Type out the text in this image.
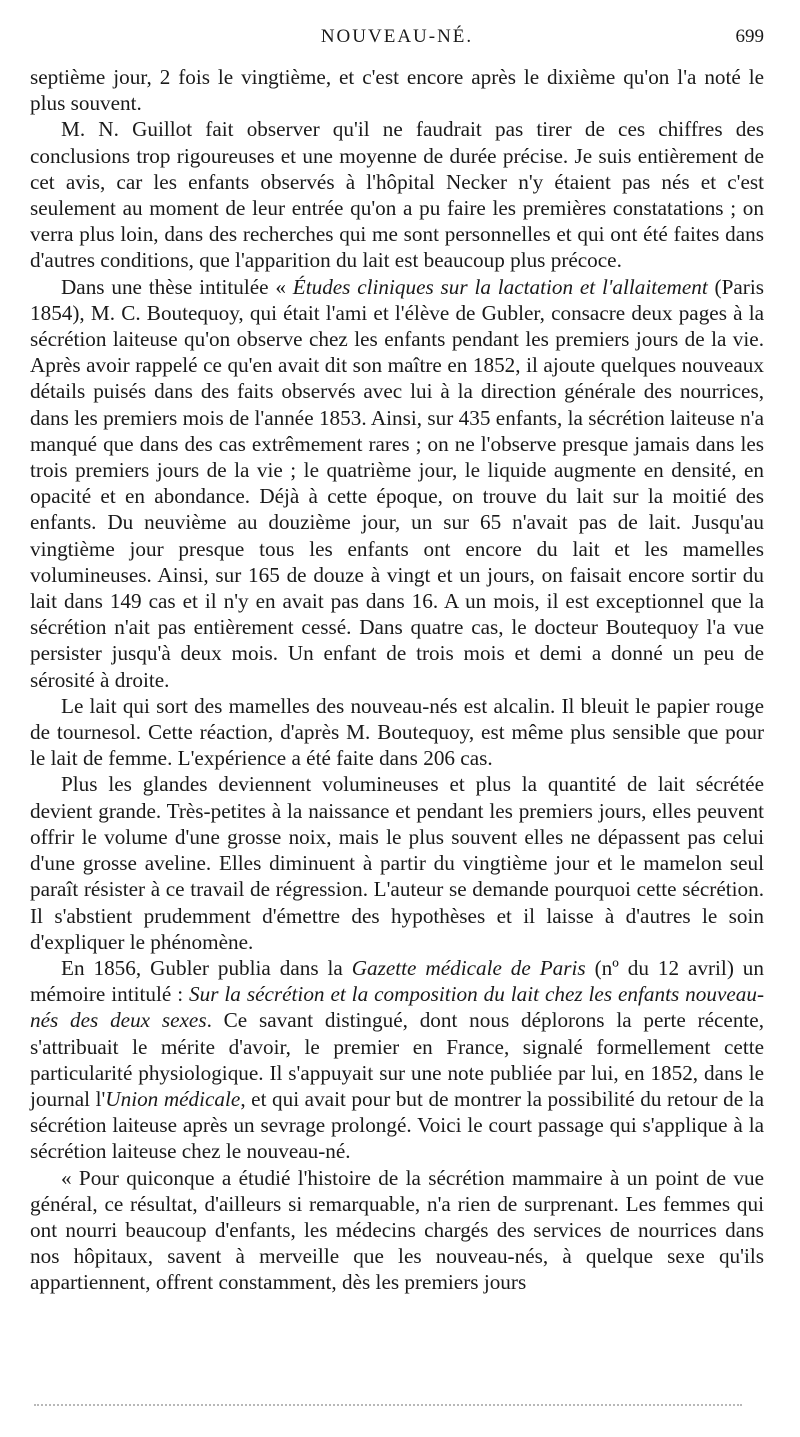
NOUVEAU-NÉ.	699

septième jour, 2 fois le vingtième, et c'est encore après le dixième qu'on l'a noté le plus souvent.

M. N. Guillot fait observer qu'il ne faudrait pas tirer de ces chiffres des conclusions trop rigoureuses et une moyenne de durée précise. Je suis entièrement de cet avis, car les enfants observés à l'hôpital Necker n'y étaient pas nés et c'est seulement au moment de leur entrée qu'on a pu faire les premières constatations ; on verra plus loin, dans des recherches qui me sont personnelles et qui ont été faites dans d'autres conditions, que l'apparition du lait est beaucoup plus précoce.

Dans une thèse intitulée « Études cliniques sur la lactation et l'allaitement (Paris 1854), M. C. Boutequoy, qui était l'ami et l'élève de Gubler, consacre deux pages à la sécrétion laiteuse qu'on observe chez les enfants pendant les premiers jours de la vie. Après avoir rappelé ce qu'en avait dit son maître en 1852, il ajoute quelques nouveaux détails puisés dans des faits observés avec lui à la direction générale des nourrices, dans les premiers mois de l'année 1853. Ainsi, sur 435 enfants, la sécrétion laiteuse n'a manqué que dans des cas extrêmement rares ; on ne l'observe presque jamais dans les trois premiers jours de la vie ; le quatrième jour, le liquide augmente en densité, en opacité et en abondance. Déjà à cette époque, on trouve du lait sur la moitié des enfants. Du neuvième au douzième jour, un sur 65 n'avait pas de lait. Jusqu'au vingtième jour presque tous les enfants ont encore du lait et les mamelles volumineuses. Ainsi, sur 165 de douze à vingt et un jours, on faisait encore sortir du lait dans 149 cas et il n'y en avait pas dans 16. A un mois, il est exceptionnel que la sécrétion n'ait pas entièrement cessé. Dans quatre cas, le docteur Boutequoy l'a vue persister jusqu'à deux mois. Un enfant de trois mois et demi a donné un peu de sérosité à droite.

Le lait qui sort des mamelles des nouveau-nés est alcalin. Il bleuit le papier rouge de tournesol. Cette réaction, d'après M. Boutequoy, est même plus sensible que pour le lait de femme. L'expérience a été faite dans 206 cas.

Plus les glandes deviennent volumineuses et plus la quantité de lait sécrétée devient grande. Très-petites à la naissance et pendant les premiers jours, elles peuvent offrir le volume d'une grosse noix, mais le plus souvent elles ne dépassent pas celui d'une grosse aveline. Elles diminuent à partir du vingtième jour et le mamelon seul paraît résister à ce travail de régression. L'auteur se demande pourquoi cette sécrétion. Il s'abstient prudemment d'émettre des hypothèses et il laisse à d'autres le soin d'expliquer le phénomène.

En 1856, Gubler publia dans la Gazette médicale de Paris (nº du 12 avril) un mémoire intitulé : Sur la sécrétion et la composition du lait chez les enfants nouveau-nés des deux sexes. Ce savant distingué, dont nous déplorons la perte récente, s'attribuait le mérite d'avoir, le premier en France, signalé formellement cette particularité physiologique. Il s'appuyait sur une note publiée par lui, en 1852, dans le journal l'Union médicale, et qui avait pour but de montrer la possibilité du retour de la sécrétion laiteuse après un sevrage prolongé. Voici le court passage qui s'applique à la sécrétion laiteuse chez le nouveau-né.

« Pour quiconque a étudié l'histoire de la sécrétion mammaire à un point de vue général, ce résultat, d'ailleurs si remarquable, n'a rien de surprenant. Les femmes qui ont nourri beaucoup d'enfants, les médecins chargés des services de nourrices dans nos hôpitaux, savent à merveille que les nouveau-nés, à quelque sexe qu'ils appartiennent, offrent constamment, dès les premiers jours
